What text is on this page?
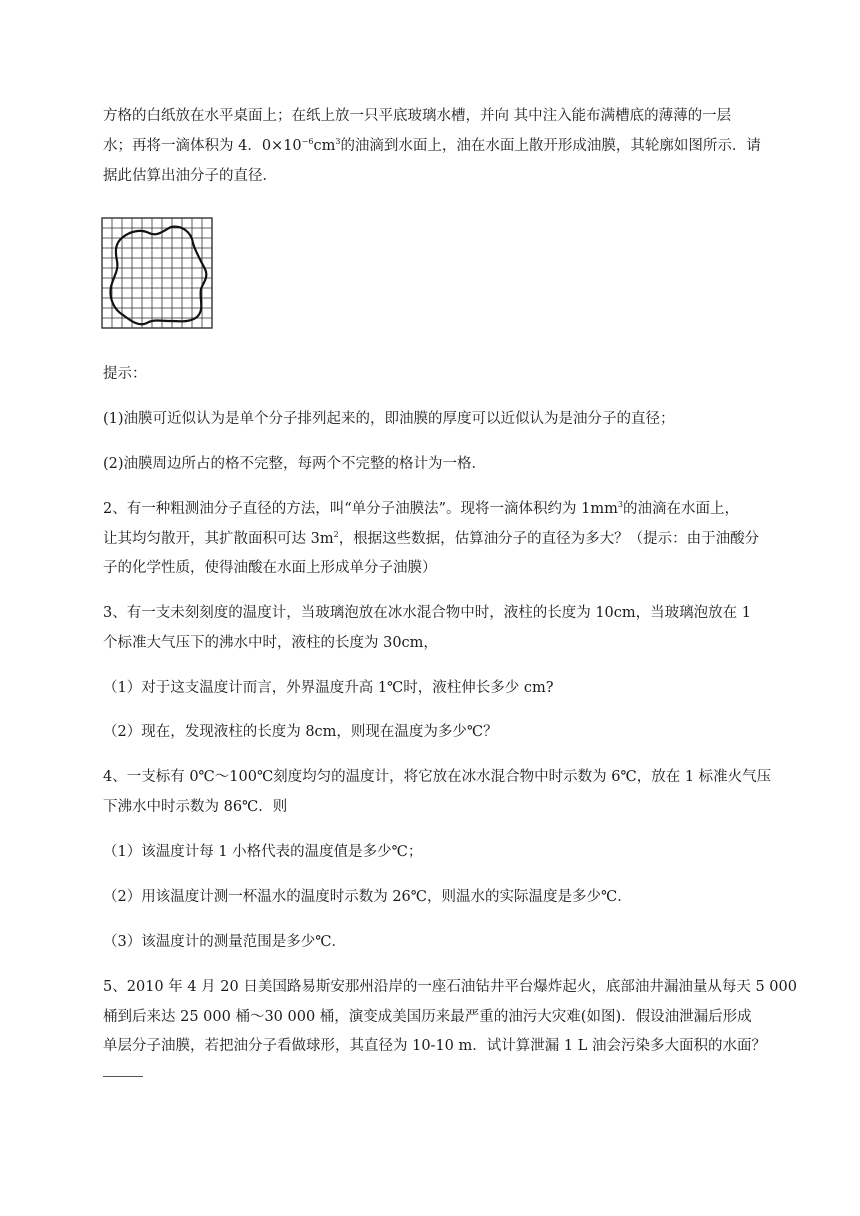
方格的白纸放在水平桌面上；在纸上放一只平底玻璃水槽，并向 其中注入能布满槽底的薄薄的一层
水；再将一滴体积为 4．$0\times 10^{-6}cm^3$的油滴到水面上，油在水面上散开形成油膜，其轮廓如图所示．请
据此估算出油分子的直径．
提示：
(1)油膜可近似认为是单个分子排列起来的，即油膜的厚度可以近似认为是油分子的直径；
(2)油膜周边所占的格不完整，每两个不完整的格计为一格．
2、有一种粗测油分子直径的方法，叫“单分子油膜法”。现将一滴体积约为 $1mm^3$的油滴在水面上，
让其均匀散开，其扩散面积可达 $3m^2$，根据这些数据，估算油分子的直径为多大？（提示：由于油酸分
子的化学性质，使得油酸在水面上形成单分子油膜）
3、有一支未刻刻度的温度计，当玻璃泡放在冰水混合物中时，液柱的长度为 10cm，当玻璃泡放在 1
个标准大气压下的沸水中时，液柱的长度为 30cm，
（1）对于这支温度计而言，外界温度升高 1℃时，液柱伸长多少 cm?
（2）现在，发现液柱的长度为 8cm，则现在温度为多少℃？
4、一支标有 0℃～100℃刻度均匀的温度计，将它放在冰水混合物中时示数为 6℃，放在 1 标准火气压
下沸水中时示数为 86℃．则
（1）该温度计每 1 小格代表的温度值是多少℃；
（2）用该温度计测一杯温水的温度时示数为 26℃，则温水的实际温度是多少℃．
（3）该温度计的测量范围是多少℃．
5、2010 年 4 月 20 日美国路易斯安那州沿岸的一座石油钻井平台爆炸起火，底部油井漏油量从每天 5 000
桶到后来达 25 000 桶～30 000 桶，演变成美国历来最严重的油污大灾难(如图)．假设油泄漏后形成
单层分子油膜，若把油分子看做球形，其直径为 10-10 m．试计算泄漏 1 L 油会污染多大面积的水面？
